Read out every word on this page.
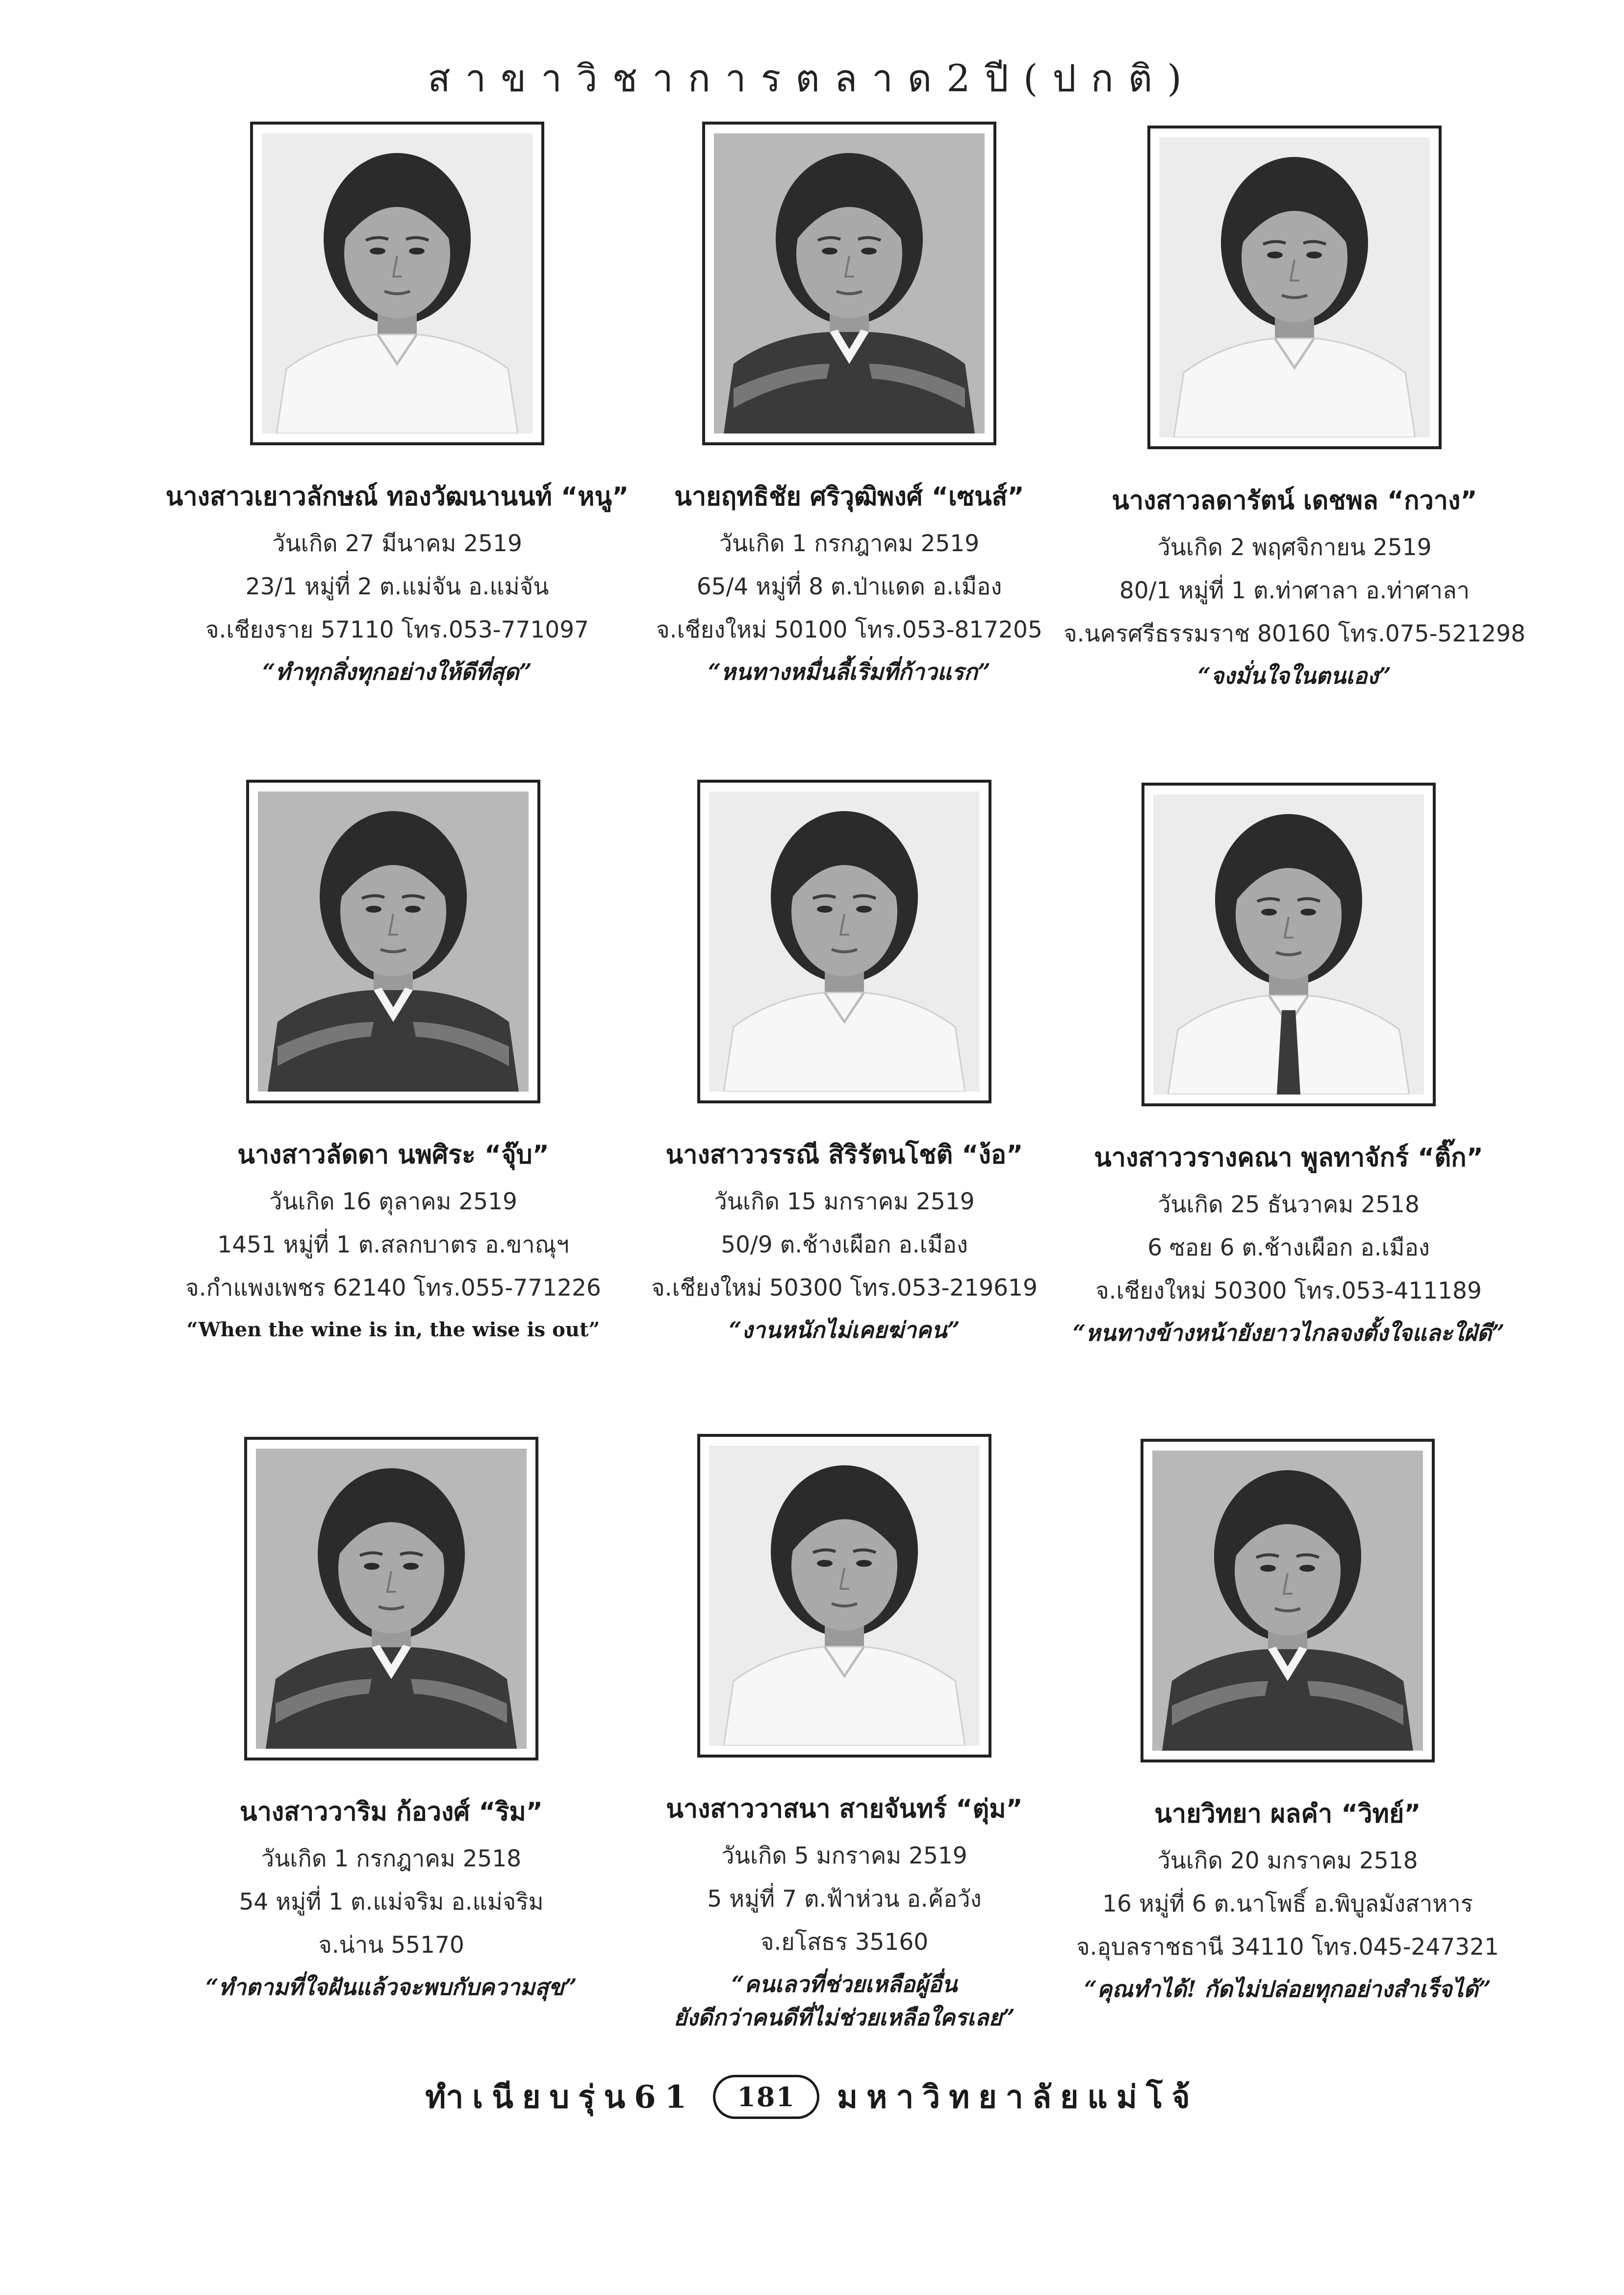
สาขาวิชาการตลาด2ปี(ปกติ)
นางสาวเยาวลักษณ์ ทองวัฒนานนท์ “หนู”
วันเกิด 27 มีนาคม 2519
23/1 หมู่ที่ 2 ต.แม่จัน อ.แม่จัน
จ.เชียงราย 57110 โทร.053-771097
“ทำทุกสิ่งทุกอย่างให้ดีที่สุด”
นายฤทธิชัย ศริวุฒิพงศ์ “เซนส์”
วันเกิด 1 กรกฎาคม 2519
65/4 หมู่ที่ 8 ต.ป่าแดด อ.เมือง
จ.เชียงใหม่ 50100 โทร.053-817205
“หนทางหมื่นลี้เริ่มที่ก้าวแรก”
นางสาวลดารัตน์ เดชพล “กวาง”
วันเกิด 2 พฤศจิกายน 2519
80/1 หมู่ที่ 1 ต.ท่าศาลา อ.ท่าศาลา
จ.นครศรีธรรมราช 80160 โทร.075-521298
“จงมั่นใจในตนเอง”
นางสาวลัดดา นพศิระ “จุ๊บ”
วันเกิด 16 ตุลาคม 2519
1451 หมู่ที่ 1 ต.สลกบาตร อ.ขาณุฯ
จ.กำแพงเพชร 62140 โทร.055-771226
“When the wine is in, the wise is out”
นางสาววรรณี สิริรัตนโชติ “ง้อ”
วันเกิด 15 มกราคม 2519
50/9 ต.ช้างเผือก อ.เมือง
จ.เชียงใหม่ 50300 โทร.053-219619
“งานหนักไม่เคยฆ่าคน”
นางสาววรางคณา พูลทาจักร์ “ติ๊ก”
วันเกิด 25 ธันวาคม 2518
6 ซอย 6 ต.ช้างเผือก อ.เมือง
จ.เชียงใหม่ 50300 โทร.053-411189
“หนทางข้างหน้ายังยาวไกลจงตั้งใจและใฝ่ดี”
นางสาววาริม ก้อวงศ์ “ริม”
วันเกิด 1 กรกฎาคม 2518
54 หมู่ที่ 1 ต.แม่จริม อ.แม่จริม
จ.น่าน 55170
“ทำตามที่ใจฝันแล้วจะพบกับความสุข”
นางสาววาสนา สายจันทร์ “ตุ่ม”
วันเกิด 5 มกราคม 2519
5 หมู่ที่ 7 ต.ฟ้าห่วน อ.ค้อวัง
จ.ยโสธร 35160
“คนเลวที่ช่วยเหลือผู้อื่น
ยังดีกว่าคนดีที่ไม่ช่วยเหลือใครเลย”
นายวิทยา ผลคำ “วิทย์”
วันเกิด 20 มกราคม 2518
16 หมู่ที่ 6 ต.นาโพธิ์ อ.พิบูลมังสาหาร
จ.อุบลราชธานี 34110 โทร.045-247321
“คุณทำได้! กัดไม่ปล่อยทุกอย่างสำเร็จได้”
ทำเนียบรุ่น61 181 มหาวิทยาลัยแม่โจ้
